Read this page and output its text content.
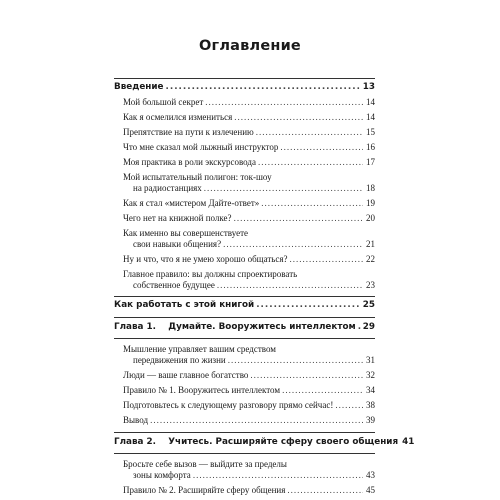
Оглавление
Введение .....	13
Мой большой секрет .....	14
Как я осмелился измениться .....	14
Препятствие на пути к излечению .....	15
Что мне сказал мой лыжный инструктор .....	16
Моя практика в роли экскурсовода .....	17
Мой испытательный полигон: ток-шоу
на радиостанциях .....	18
Как я стал «мистером Дайте-ответ» .....	19
Чего нет на книжной полке? .....	20
Как именно вы совершенствуете
свои навыки общения? .....	21
Ну и что, что я не умею хорошо общаться? .....	22
Главное правило: вы должны спроектировать
собственное будущее .....	23
Как работать с этой книгой .....	25
Глава 1.    Думайте. Вооружитесь интеллектом ..... 29
Мышление управляет вашим средством
передвижения по жизни .....	31
Люди — ваше главное богатство .....	32
Правило № 1. Вооружитесь интеллектом .....	34
Подготовьтесь к следующему разговору прямо сейчас! .....	38
Вывод .....	39
Глава 2.    Учитесь. Расширяйте сферу своего общения 41
Бросьте себе вызов — выйдите за пределы
зоны комфорта .....	43
Правило № 2. Расширяйте сферу общения .....	45
